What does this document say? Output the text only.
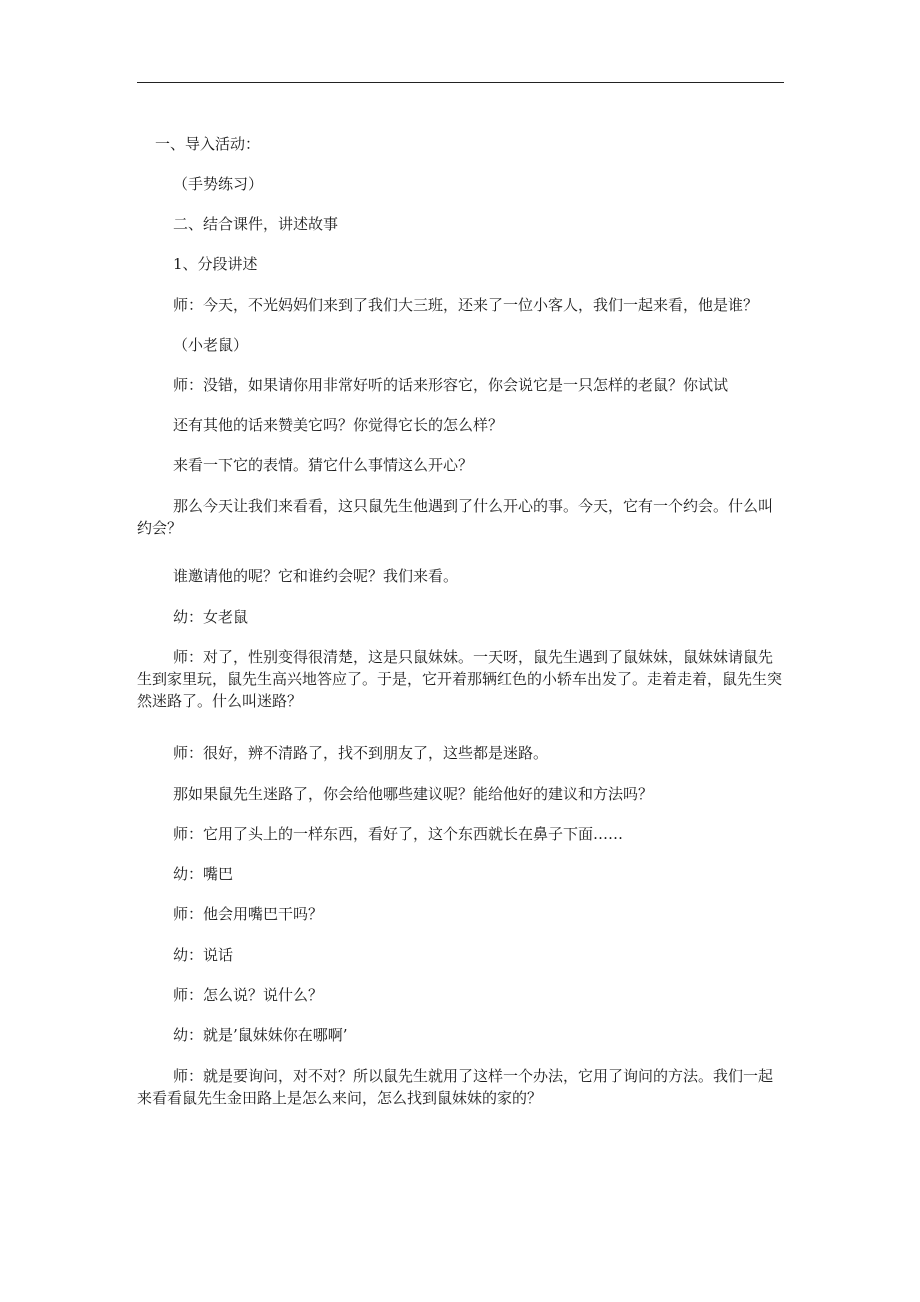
一、导入活动：
（手势练习）
二、结合课件，讲述故事
1、分段讲述
师：今天，不光妈妈们来到了我们大三班，还来了一位小客人，我们一起来看，他是谁？
（小老鼠）
师：没错，如果请你用非常好听的话来形容它，你会说它是一只怎样的老鼠？你试试
还有其他的话来赞美它吗？你觉得它长的怎么样？
来看一下它的表情。猜它什么事情这么开心？
那么今天让我们来看看，这只鼠先生他遇到了什么开心的事。今天，它有一个约会。什么叫约会？
谁邀请他的呢？它和谁约会呢？我们来看。
幼：女老鼠
师：对了，性别变得很清楚，这是只鼠妹妹。一天呀，鼠先生遇到了鼠妹妹，鼠妹妹请鼠先生到家里玩，鼠先生高兴地答应了。于是，它开着那辆红色的小轿车出发了。走着走着，鼠先生突然迷路了。什么叫迷路？
师：很好，辨不清路了，找不到朋友了，这些都是迷路。
那如果鼠先生迷路了，你会给他哪些建议呢？能给他好的建议和方法吗？
师：它用了头上的一样东西，看好了，这个东西就长在鼻子下面……
幼：嘴巴
师：他会用嘴巴干吗？
幼：说话
师：怎么说？说什么？
幼：就是’鼠妹妹你在哪啊’
师：就是要询问，对不对？所以鼠先生就用了这样一个办法，它用了询问的方法。我们一起来看看鼠先生金田路上是怎么来问，怎么找到鼠妹妹的家的？
